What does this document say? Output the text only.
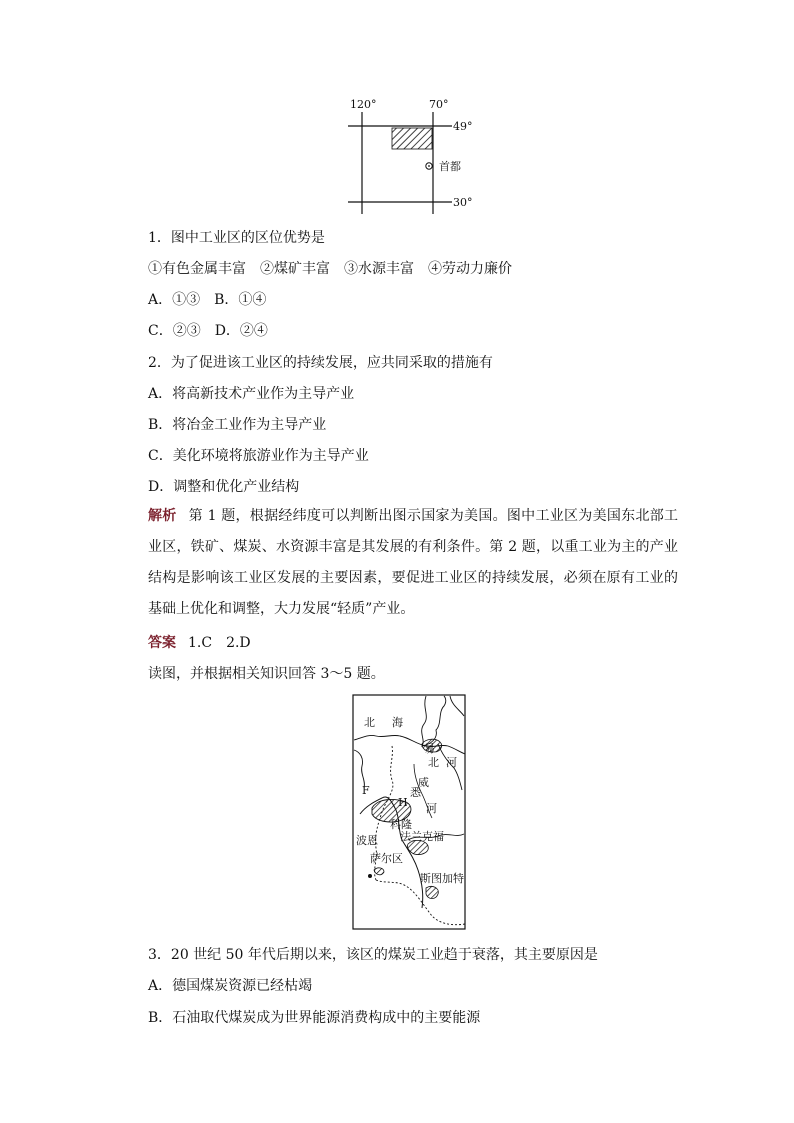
120°	70°
49°
30°
首都
1．图中工业区的区位优势是
①有色金属丰富　②煤矿丰富　③水源丰富　④劳动力廉价
A．①③　B．①④
C．②③　D．②④
2．为了促进该工业区的持续发展，应共同采取的措施有
A．将高新技术产业作为主导产业
B．将冶金工业作为主导产业
C．美化环境将旅游业作为主导产业
D．调整和优化产业结构
解析 第 1 题，根据经纬度可以判断出图示国家为美国。图中工业区为美国东北部工业区，铁矿、煤炭、水资源丰富是其发展的有利条件。第 2 题，以重工业为主的产业结构是影响该工业区发展的主要因素，要促进工业区的持续发展，必须在原有工业的基础上优化和调整，大力发展“轻质”产业。
答案 1.C　2.D
读图，并根据相关知识回答 3～5 题。
北 海
易
北 河
威
悉
河
F
H
科隆
法兰克福
波恩
萨尔区
斯图加特
3．20 世纪 50 年代后期以来，该区的煤炭工业趋于衰落，其主要原因是
A．德国煤炭资源已经枯竭
B．石油取代煤炭成为世界能源消费构成中的主要能源
